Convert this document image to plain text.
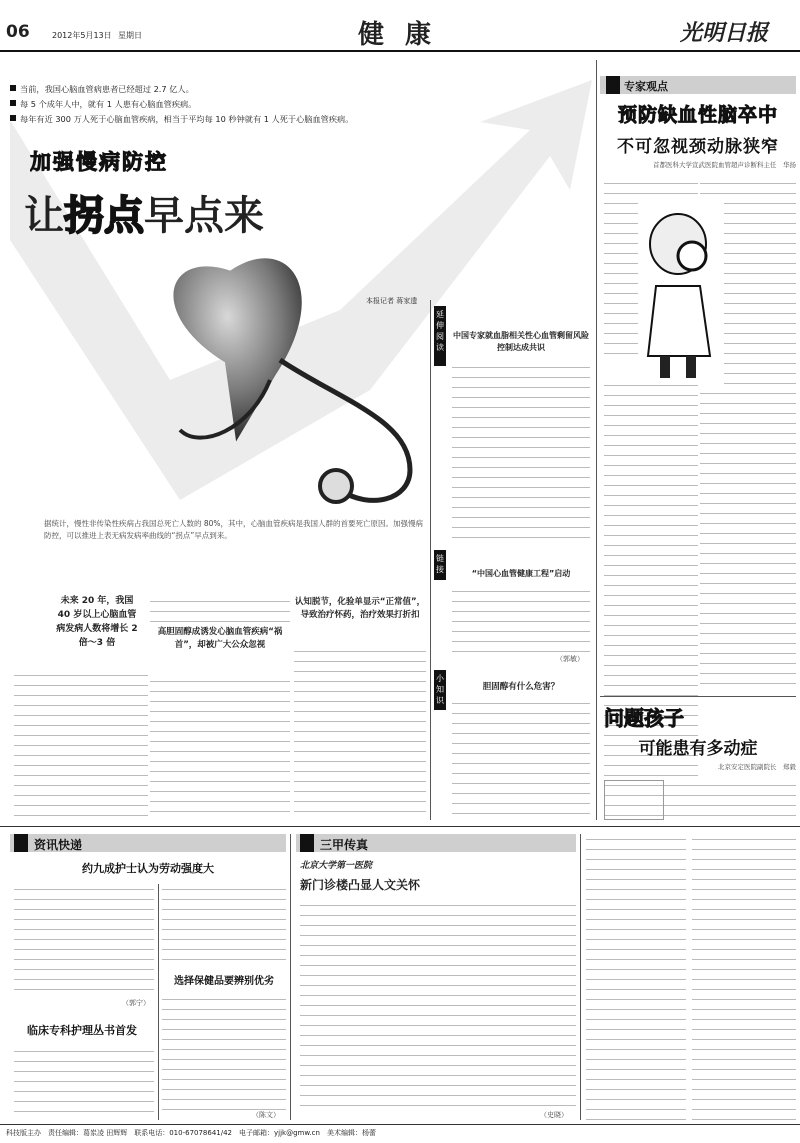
06	2012年5月13日 星期日	健 康	光明日报
当前，我国心脑血管病患者已经超过 2.7 亿人。
每 5 个成年人中，就有 1 人患有心脑血管疾病。
每年有近 300 万人死于心脑血管疾病，相当于平均每 10 秒钟就有 1 人死于心脑血管疾病。
加强慢病防控
让拐点早点来
本报记者 蒋家遗
据统计，慢性非传染性疾病占我国总死亡人数的 80%，其中，心脑血管疾病是我国人群的首要死亡原因。加强慢病防控，可以推进上表无病发病率曲线的“拐点”早点到来。
延伸阅读
中国专家就血脂相关性心血管剩留风险控制达成共识
链接	“中国心血管健康工程”启动
（郭敏）
小知识
胆固醇有什么危害？
未来 20 年，我国 40 岁以上心脑血管病发病人数将增长 2 倍～3 倍
高胆固醇成诱发心脑血管疾病“祸首”，却被广大公众忽视
认知脱节，化验单显示“正常值”，导致治疗怀药，治疗效果打折扣
专家观点
预防缺血性脑卒中
不可忽视颈动脉狭窄
首都医科大学宣武医院血管超声诊断科主任　华扬
问题孩子
可能患有多动症
北京安定医院副院长　郑毅
资讯快递
约九成护士认为劳动强度大
（郭宁）
临床专科护理丛书首发
选择保健品要辨别优劣
（陈文）
三甲传真
北京大学第一医院
新门诊楼凸显人文关怀
（史晓）
科技版主办　责任编辑：葛岽凌 田辉辉　联系电话：010-67078641/42　电子邮箱：yjjk@gmw.cn　美术编辑：杨蕾
